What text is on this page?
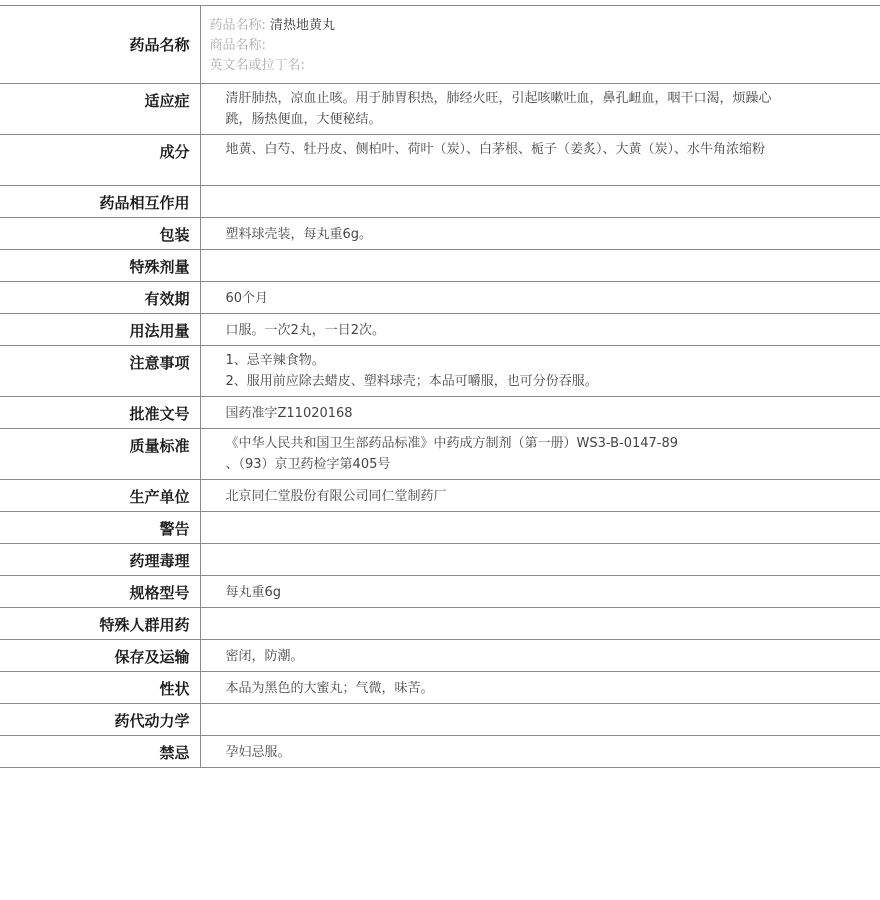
药品名称	药品名称: 清热地黄丸
商品名称:
英文名或拉丁名:

适应症	清肝肺热，凉血止咳。用于肺胃积热，肺经火旺，引起咳嗽吐血，鼻孔衄血，咽干口渴，烦躁心跳，肠热便血，大便秘结。

成分	地黄、白芍、牡丹皮、侧柏叶、荷叶（炭）、白茅根、栀子（姜炙）、大黄（炭）、水牛角浓缩粉

药品相互作用	

包装	塑料球壳装，每丸重6g。

特殊剂量	

有效期	60个月

用法用量	口服。一次2丸，一日2次。

注意事项	1、忌辛辣食物。
2、服用前应除去蜡皮、塑料球壳；本品可嚼服，也可分份吞服。

批准文号	国药准字Z11020168

质量标准	《中华人民共和国卫生部药品标准》中药成方制剂（第一册）WS3-B-0147-89
、（93）京卫药检字第405号

生产单位	北京同仁堂股份有限公司同仁堂制药厂

警告	

药理毒理	

规格型号	每丸重6g

特殊人群用药	

保存及运输	密闭，防潮。

性状	本品为黑色的大蜜丸；气微，味苦。

药代动力学	

禁忌	孕妇忌服。
